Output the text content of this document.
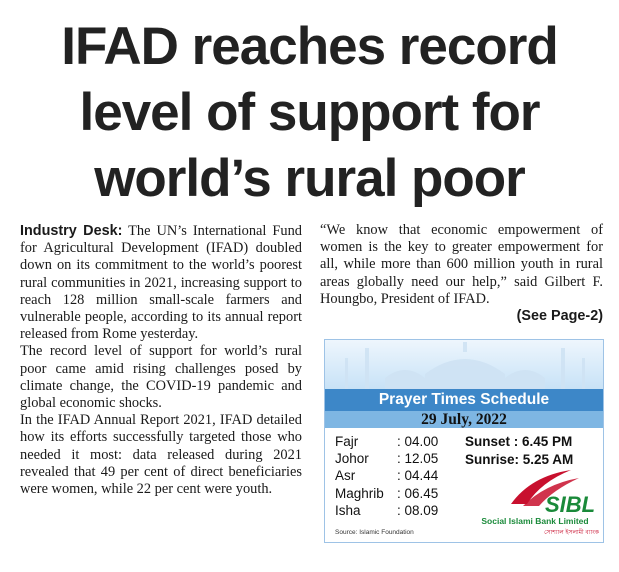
IFAD reaches record
level of support for
world’s rural poor

Industry Desk: The UN’s International Fund for Agricultural Development (IFAD) doubled down on its commitment to the world’s poorest rural communities in 2021, increasing support to reach 128 million small-scale farmers and vulnerable people, according to its annual report released from Rome yesterday.

The record level of support for world’s rural poor came amid rising challenges posed by climate change, the COVID-19 pandemic and global economic shocks.

In the IFAD Annual Report 2021, IFAD detailed how its efforts successfully targeted those who needed it most: data released during 2021 revealed that 49 per cent of direct beneficiaries were women, while 22 per cent were youth.

“We know that economic empowerment of women is the key to greater empowerment for all, while more than 600 million youth in rural areas globally need our help,” said Gilbert F. Houngbo, President of IFAD.

(See Page-2)

Prayer Times Schedule
29 July, 2022
Fajr	: 04.00
Johor	: 12.05
Asr	: 04.44
Maghrib : 06.45
Isha	: 08.09
Sunset : 6.45 PM
Sunrise: 5.25 AM
SIBL
Social Islami Bank Limited
সোশ্যাল ইসলামী ব্যাংক
Source: Islamic Foundation
